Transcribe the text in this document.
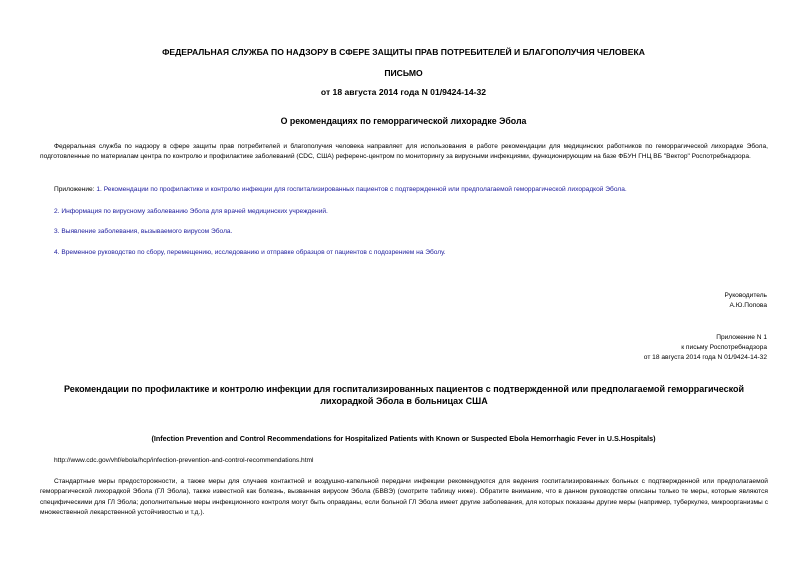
ФЕДЕРАЛЬНАЯ СЛУЖБА ПО НАДЗОРУ В СФЕРЕ ЗАЩИТЫ ПРАВ ПОТРЕБИТЕЛЕЙ И БЛАГОПОЛУЧИЯ ЧЕЛОВЕКА
ПИСЬМО
от 18 августа 2014 года N 01/9424-14-32
О рекомендациях по геморрагической лихорадке Эбола
Федеральная служба по надзору в сфере защиты прав потребителей и благополучия человека направляет для использования в работе рекомендации для медицинских работников по геморрагической лихорадке Эбола, подготовленные по материалам центра по контролю и профилактике заболеваний (CDC, США) референс-центром по мониторингу за вирусными инфекциями, функционирующим на базе ФБУН ГНЦ ВБ "Вектор" Роспотребнадзора.
Приложение: 1. Рекомендации по профилактике и контролю инфекции для госпитализированных пациентов с подтвержденной или предполагаемой геморрагической лихорадкой Эбола.
2. Информация по вирусному заболеванию Эбола для врачей медицинских учреждений.
3. Выявление заболевания, вызываемого вирусом Эбола.
4. Временное руководство по сбору, перемещению, исследованию и отправке образцов от пациентов с подозрением на Эболу.
Руководитель
А.Ю.Попова
Приложение N 1
к письму Роспотребнадзора
от 18 августа 2014 года N 01/9424-14-32
Рекомендации по профилактике и контролю инфекции для госпитализированных пациентов с подтвержденной или предполагаемой геморрагической лихорадкой Эбола в больницах США
(Infection Prevention and Control Recommendations for Hospitalized Patients with Known or Suspected Ebola Hemorrhagic Fever in U.S.Hospitals)
http://www.cdc.gov/vhf/ebola/hcp/infection-prevention-and-control-recommendations.html
Стандартные меры предосторожности, а также меры для случаев контактной и воздушно-капельной передачи инфекции рекомендуются для ведения госпитализированных больных с подтвержденной или предполагаемой геморрагической лихорадкой Эбола (ГЛ Эбола), также известной как болезнь, вызванная вирусом Эбола (БВВЭ) (смотрите таблицу ниже). Обратите внимание, что в данном руководстве описаны только те меры, которые являются специфическими для ГЛ Эбола; дополнительные меры инфекционного контроля могут быть оправданы, если больной ГЛ Эбола имеет другие заболевания, для которых показаны другие меры (например, туберкулез, микроорганизмы с множественной лекарственной устойчивостью и т.д.).
